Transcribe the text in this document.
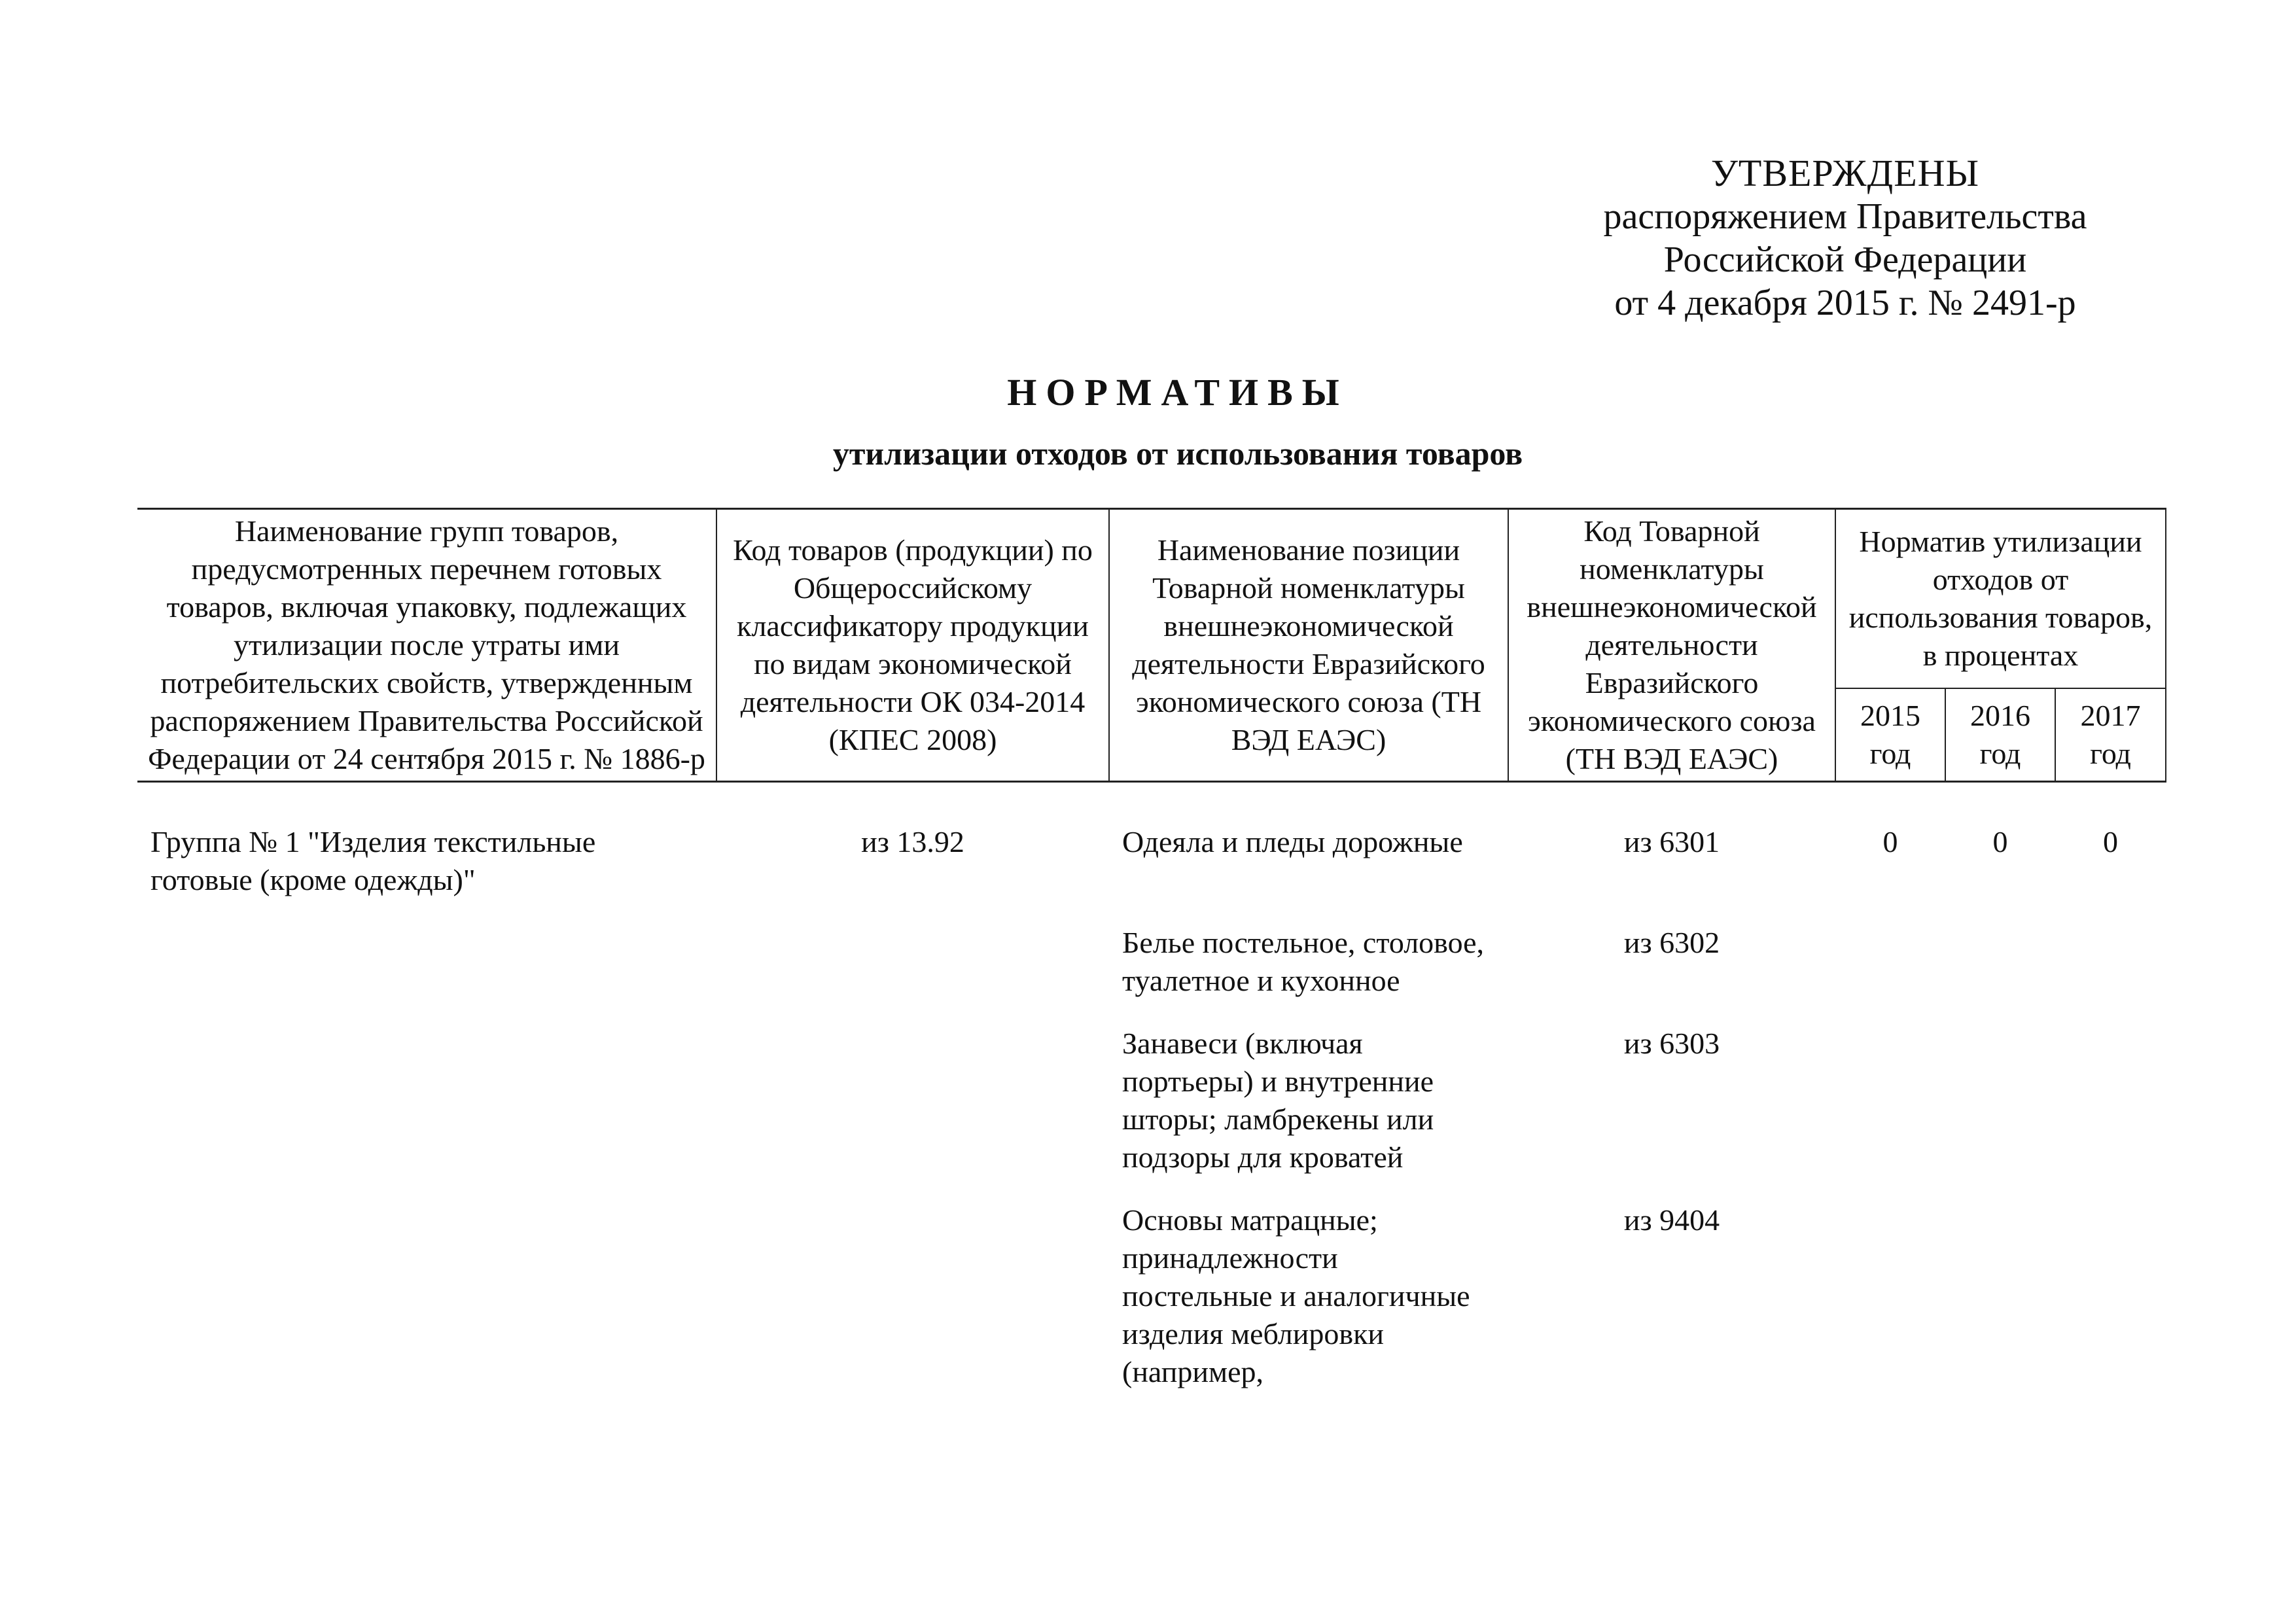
УТВЕРЖДЕНЫ
распоряжением Правительства
Российской Федерации
от 4 декабря 2015 г. № 2491-р
НОРМАТИВЫ
утилизации отходов от использования товаров
Наименование групп товаров, предусмотренных перечнем готовых товаров, включая упаковку, подлежащих утилизации после утраты ими потребительских свойств, утвержденным распоряжением Правительства Российской Федерации от 24 сентября 2015 г. № 1886-р	Код товаров (продукции) по Общероссийскому классификатору продукции по видам экономической деятельности ОК 034-2014 (КПЕС 2008)	Наименование позиции Товарной номенклатуры внешнеэкономической деятельности Евразийского экономического союза (ТН ВЭД ЕАЭС)	Код Товарной номенклатуры внешнеэкономической деятельности Евразийского экономического союза (ТН ВЭД ЕАЭС)	Норматив утилизации отходов от использования товаров, в процентах		
				2015 год	2016 год	2017 год
Группа № 1 "Изделия текстильные готовые (кроме одежды)"	из 13.92	Одеяла и пледы дорожные	из 6301	0	0	0
		Белье постельное, столовое, туалетное и кухонное	из 6302			
		Занавеси (включая портьеры) и внутренние шторы; ламбрекены или подзоры для кроватей	из 6303			
		Основы матрацные; принадлежности постельные и аналогичные изделия меблировки (например,	из 9404			
